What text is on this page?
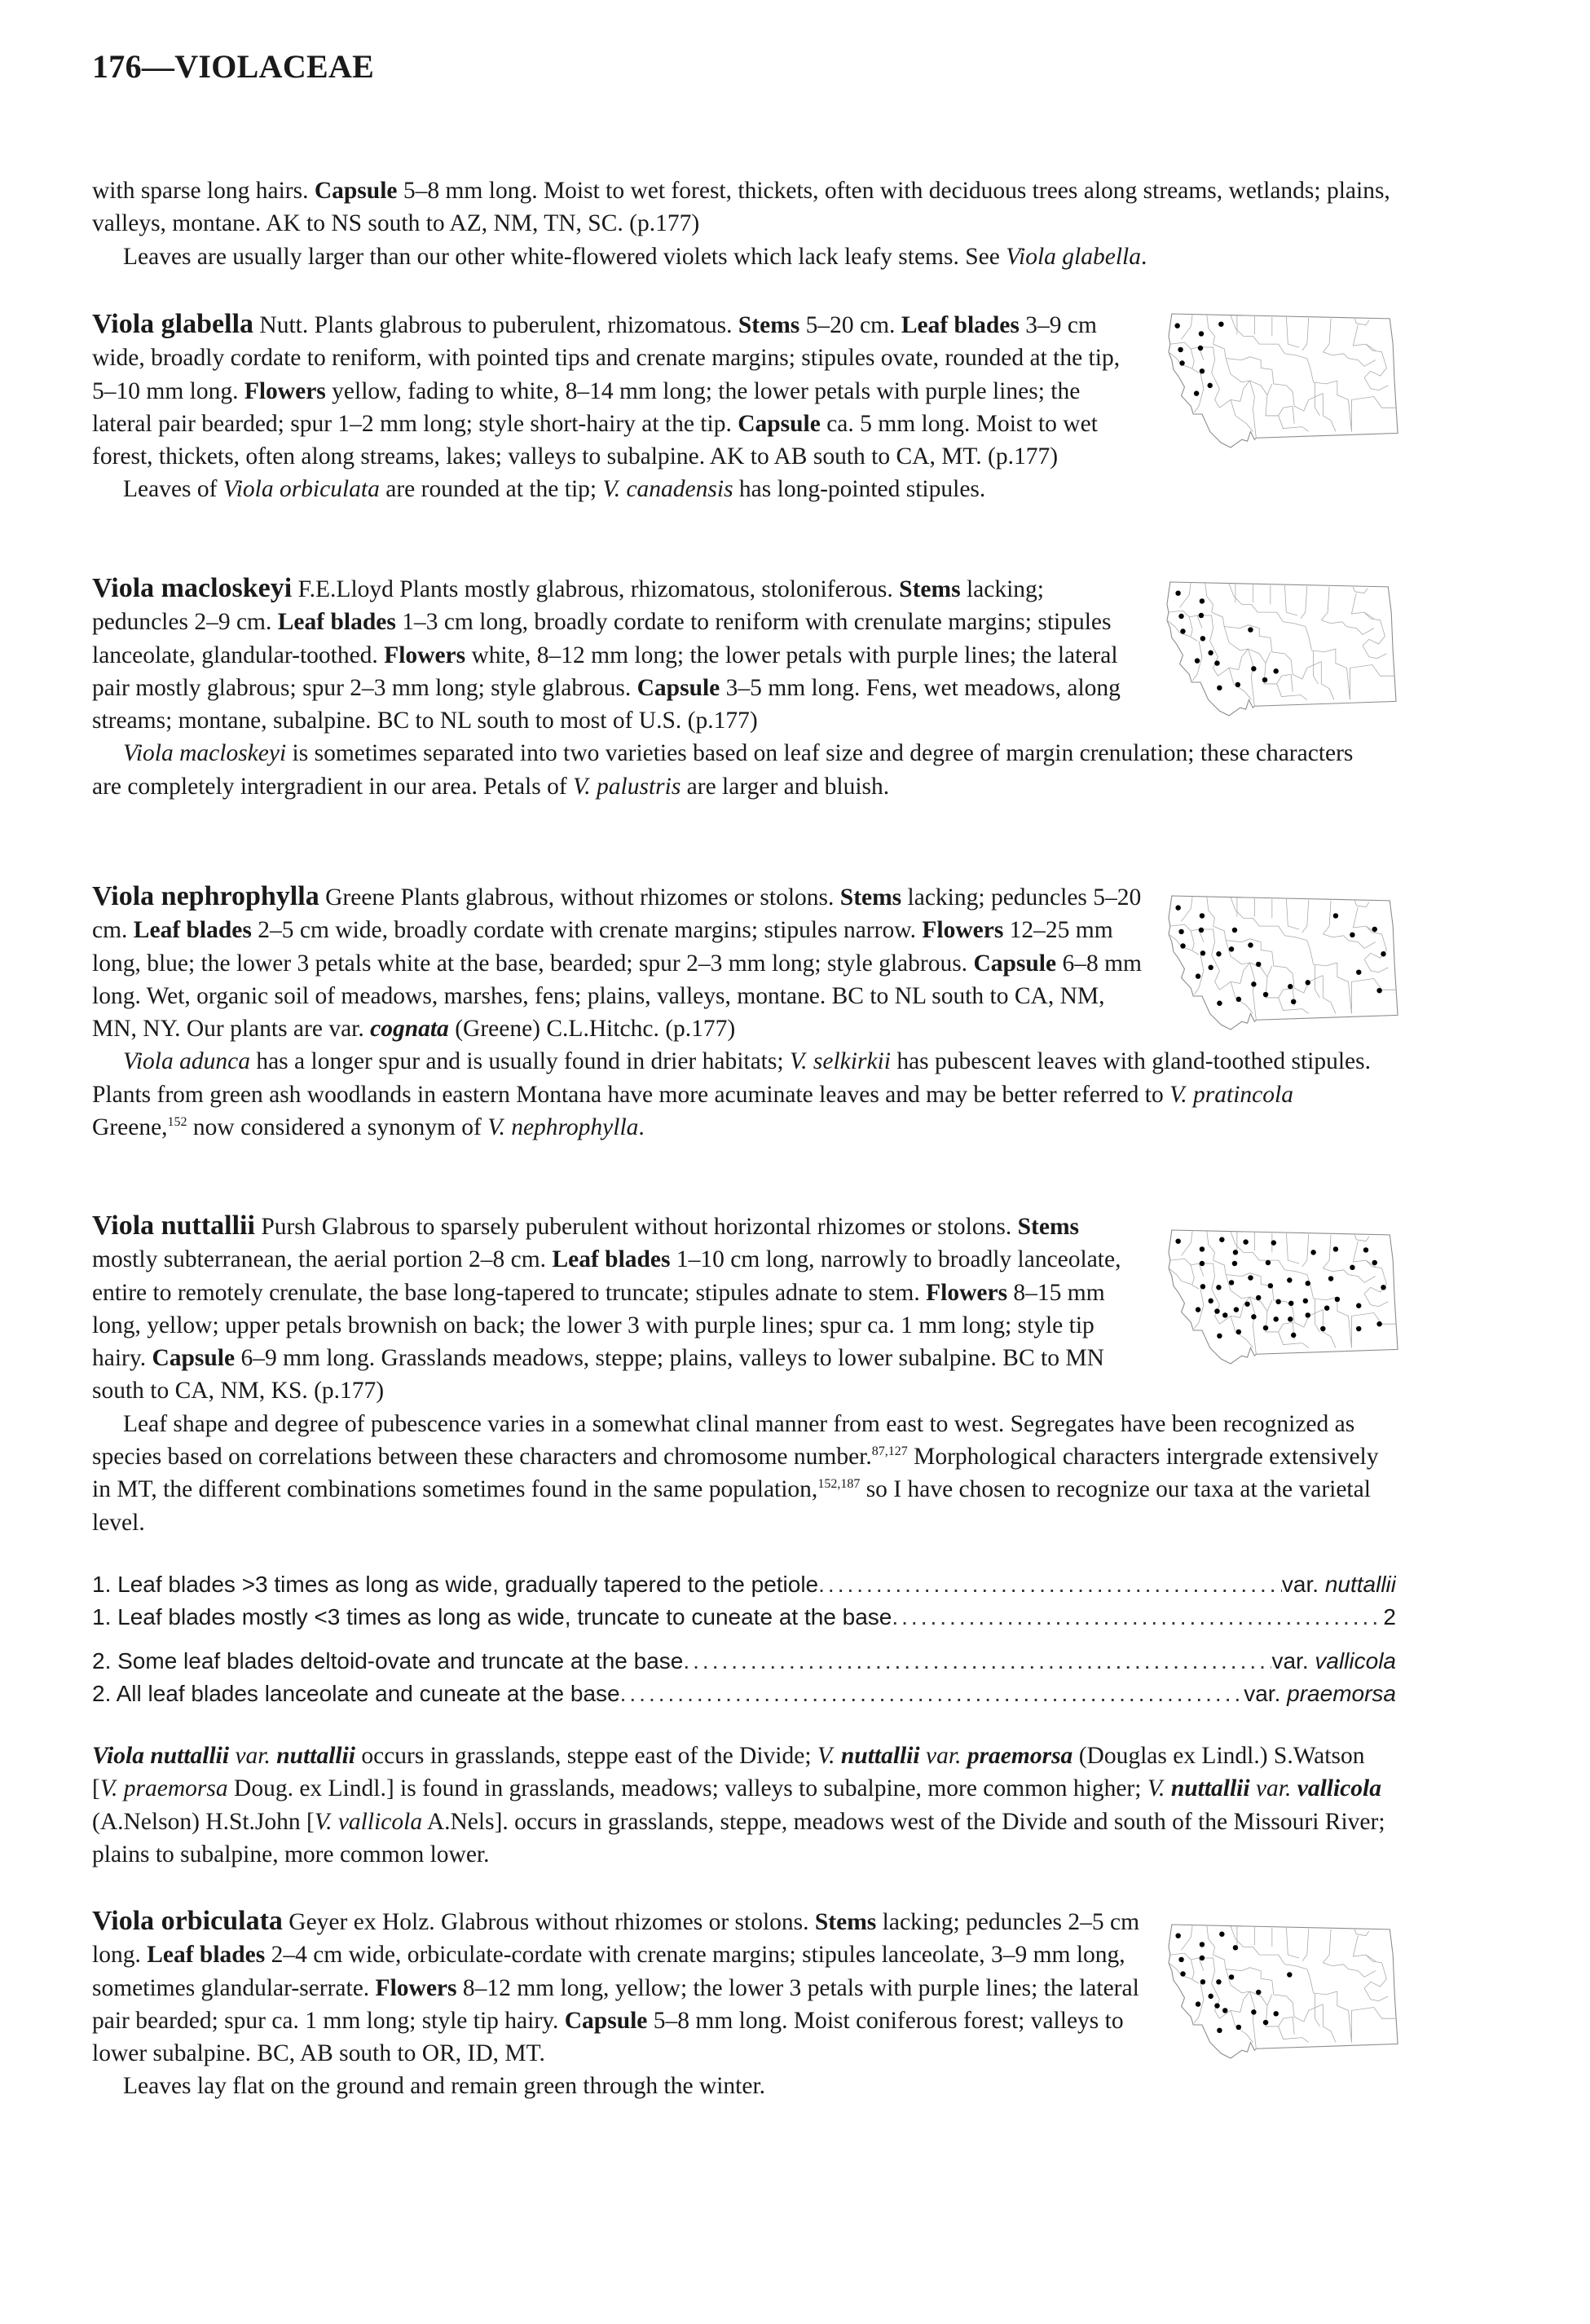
176—VIOLACEAE

with sparse long hairs. Capsule 5–8 mm long. Moist to wet forest, thickets, often with deciduous trees along streams, wetlands; plains, valleys, montane. AK to NS south to AZ, NM, TN, SC. (p.177)

Leaves are usually larger than our other white-flowered violets which lack leafy stems. See Viola glabella.

Viola glabella Nutt. Plants glabrous to puberulent, rhizomatous. Stems 5–20 cm. Leaf blades 3–9 cm wide, broadly cordate to reniform, with pointed tips and crenate margins; stipules ovate, rounded at the tip, 5–10 mm long. Flowers yellow, fading to white, 8–14 mm long; the lower petals with purple lines; the lateral pair bearded; spur 1–2 mm long; style short-hairy at the tip. Capsule ca. 5 mm long. Moist to wet forest, thickets, often along streams, lakes; valleys to subalpine. AK to AB south to CA, MT. (p.177)

Leaves of Viola orbiculata are rounded at the tip; V. canadensis has long-pointed stipules.

Viola macloskeyi F.E.Lloyd Plants mostly glabrous, rhizomatous, stoloniferous. Stems lacking; peduncles 2–9 cm. Leaf blades 1–3 cm long, broadly cordate to reniform with crenulate margins; stipules lanceolate, glandular-toothed. Flowers white, 8–12 mm long; the lower petals with purple lines; the lateral pair mostly glabrous; spur 2–3 mm long; style glabrous. Capsule 3–5 mm long. Fens, wet meadows, along streams; montane, subalpine. BC to NL south to most of U.S. (p.177)

Viola macloskeyi is sometimes separated into two varieties based on leaf size and degree of margin crenulation; these characters are completely intergradient in our area. Petals of V. palustris are larger and bluish.

Viola nephrophylla Greene Plants glabrous, without rhizomes or stolons. Stems lacking; peduncles 5–20 cm. Leaf blades 2–5 cm wide, broadly cordate with crenate margins; stipules narrow. Flowers 12–25 mm long, blue; the lower 3 petals white at the base, bearded; spur 2–3 mm long; style glabrous. Capsule 6–8 mm long. Wet, organic soil of meadows, marshes, fens; plains, valleys, montane. BC to NL south to CA, NM, MN, NY. Our plants are var. cognata (Greene) C.L.Hitchc. (p.177)

Viola adunca has a longer spur and is usually found in drier habitats; V. selkirkii has pubescent leaves with gland-toothed stipules. Plants from green ash woodlands in eastern Montana have more acuminate leaves and may be better referred to V. pratincola Greene,$^{152}$ now considered a synonym of V. nephrophylla.

Viola nuttallii Pursh Glabrous to sparsely puberulent without horizontal rhizomes or stolons. Stems mostly subterranean, the aerial portion 2–8 cm. Leaf blades 1–10 cm long, narrowly to broadly lanceolate, entire to remotely crenulate, the base long-tapered to truncate; stipules adnate to stem. Flowers 8–15 mm long, yellow; upper petals brownish on back; the lower 3 with purple lines; spur ca. 1 mm long; style tip hairy. Capsule 6–9 mm long. Grasslands meadows, steppe; plains, valleys to lower subalpine. BC to MN south to CA, NM, KS. (p.177)

Leaf shape and degree of pubescence varies in a somewhat clinal manner from east to west. Segregates have been recognized as species based on correlations between these characters and chromosome number.$^{87,127}$ Morphological characters intergrade extensively in MT, the different combinations sometimes found in the same population,$^{152,187}$ so I have chosen to recognize our taxa at the varietal level.

1. Leaf blades >3 times as long as wide, gradually tapered to the petiole .....	var. nuttallii
1. Leaf blades mostly <3 times as long as wide, truncate to cuneate at the base .....	2
2. Some leaf blades deltoid-ovate and truncate at the base .....	var. vallicola
2. All leaf blades lanceolate and cuneate at the base .....	var. praemorsa

Viola nuttallii var. nuttallii occurs in grasslands, steppe east of the Divide; V. nuttallii var. praemorsa (Douglas ex Lindl.) S.Watson [V. praemorsa Doug. ex Lindl.] is found in grasslands, meadows; valleys to subalpine, more common higher; V. nuttallii var. vallicola (A.Nelson) H.St.John [V. vallicola A.Nels]. occurs in grasslands, steppe, meadows west of the Divide and south of the Missouri River; plains to subalpine, more common lower.

Viola orbiculata Geyer ex Holz. Glabrous without rhizomes or stolons. Stems lacking; peduncles 2–5 cm long. Leaf blades 2–4 cm wide, orbiculate-cordate with crenate margins; stipules lanceolate, 3–9 mm long, sometimes glandular-serrate. Flowers 8–12 mm long, yellow; the lower 3 petals with purple lines; the lateral pair bearded; spur ca. 1 mm long; style tip hairy. Capsule 5–8 mm long. Moist coniferous forest; valleys to lower subalpine. BC, AB south to OR, ID, MT.

Leaves lay flat on the ground and remain green through the winter.
